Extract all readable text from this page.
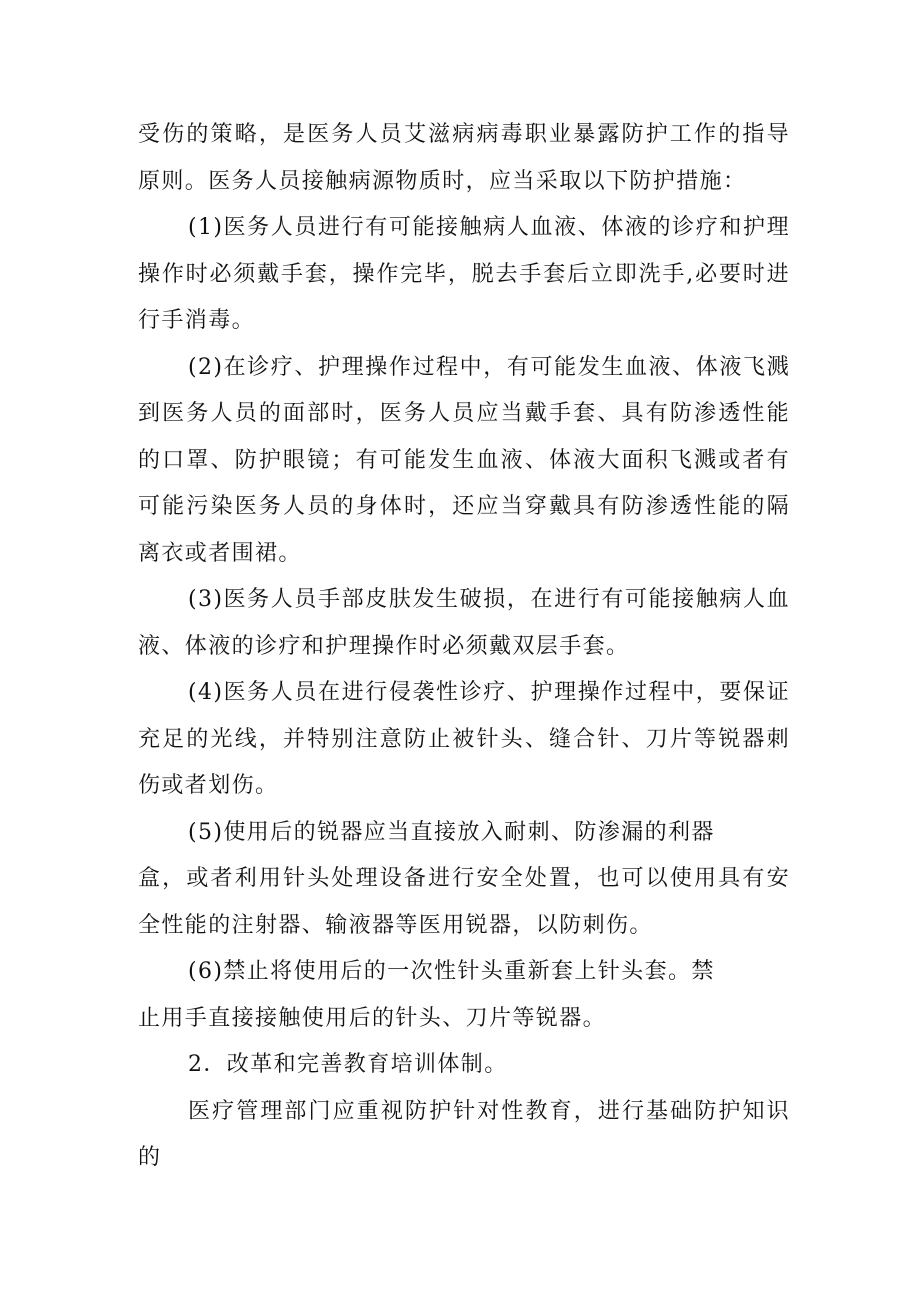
受伤的策略，是医务人员艾滋病病毒职业暴露防护工作的指导原则。医务人员接触病源物质时，应当采取以下防护措施：

(1)医务人员进行有可能接触病人血液、体液的诊疗和护理操作时必须戴手套，操作完毕，脱去手套后立即洗手,必要时进行手消毒。

(2)在诊疗、护理操作过程中，有可能发生血液、体液飞溅到医务人员的面部时，医务人员应当戴手套、具有防渗透性能的口罩、防护眼镜；有可能发生血液、体液大面积飞溅或者有可能污染医务人员的身体时，还应当穿戴具有防渗透性能的隔离衣或者围裙。

(3)医务人员手部皮肤发生破损，在进行有可能接触病人血液、体液的诊疗和护理操作时必须戴双层手套。

(4)医务人员在进行侵袭性诊疗、护理操作过程中，要保证充足的光线，并特别注意防止被针头、缝合针、刀片等锐器刺伤或者划伤。

(5)使用后的锐器应当直接放入耐刺、防渗漏的利器

盒，或者利用针头处理设备进行安全处置，也可以使用具有安全性能的注射器、输液器等医用锐器，以防刺伤。

(6)禁止将使用后的一次性针头重新套上针头套。禁

止用手直接接触使用后的针头、刀片等锐器。

2．改革和完善教育培训体制。

医疗管理部门应重视防护针对性教育，进行基础防护知识的
